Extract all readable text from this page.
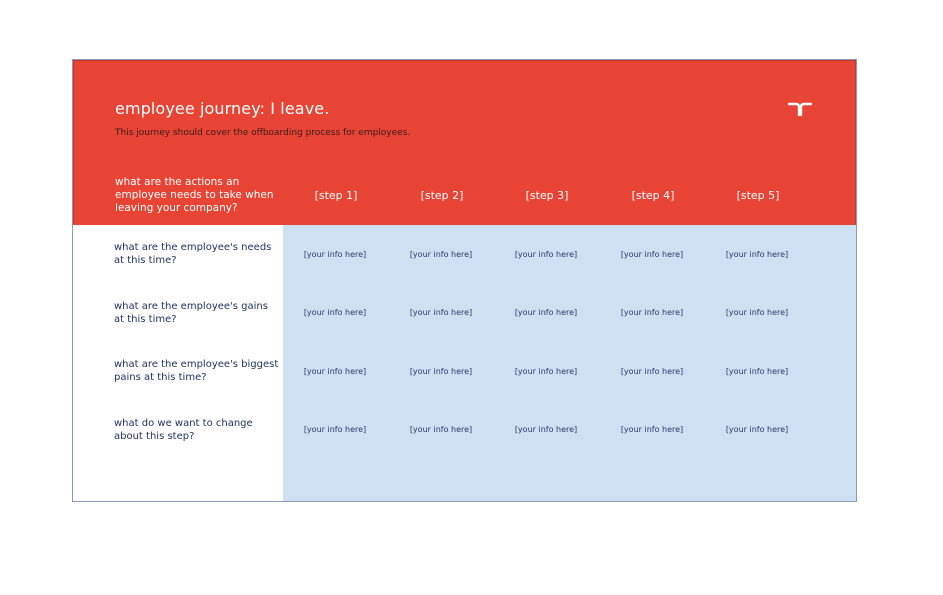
employee journey: I leave.
This journey should cover the offboarding process for employees.
what are the actions an employee needs to take when leaving your company?
[step 1]	[step 2]	[step 3]	[step 4]	[step 5]
what are the employee's needs at this time?
[your info here]	[your info here]	[your info here]	[your info here]	[your info here]
what are the employee's gains at this time?
[your info here]	[your info here]	[your info here]	[your info here]	[your info here]
what are the employee's biggest pains at this time?
[your info here]	[your info here]	[your info here]	[your info here]	[your info here]
what do we want to change about this step?
[your info here]	[your info here]	[your info here]	[your info here]	[your info here]
